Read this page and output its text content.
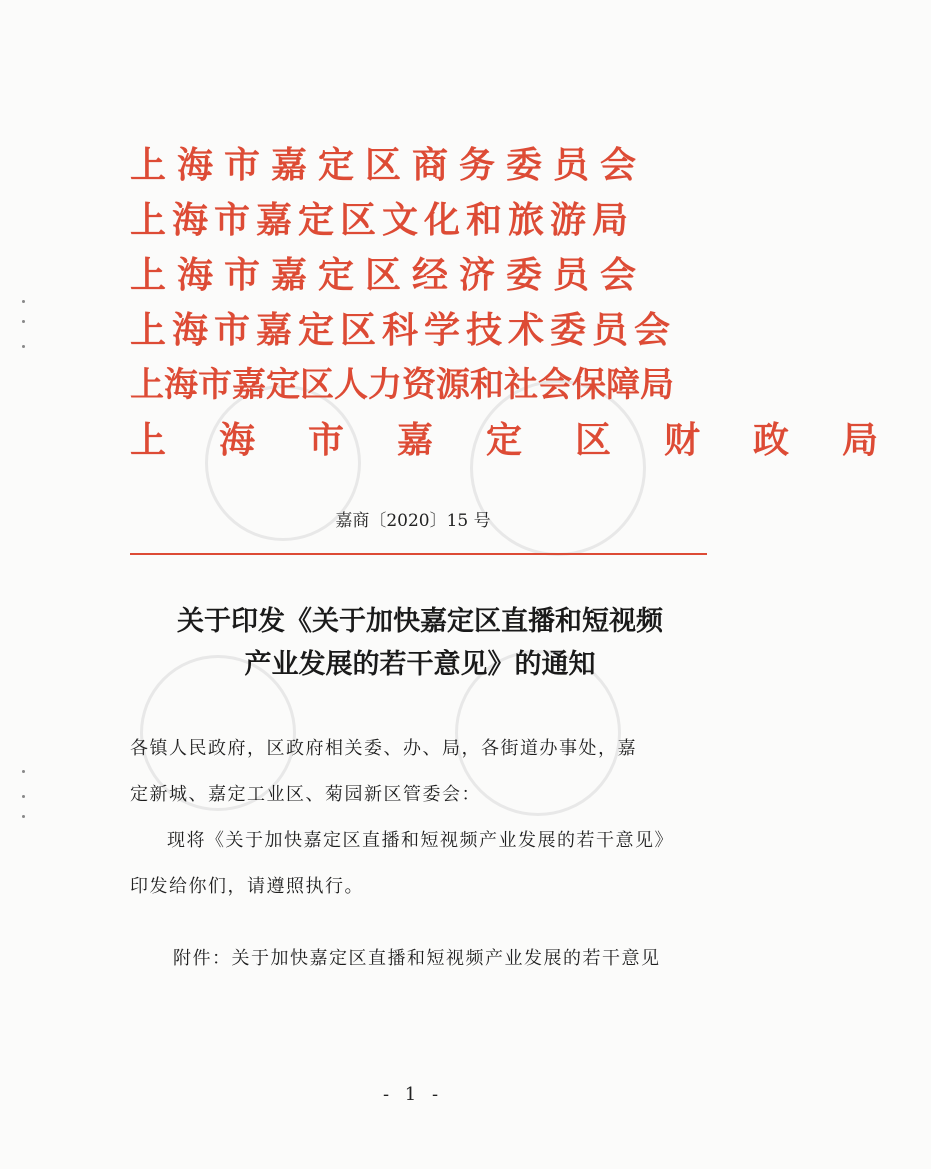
上海市嘉定区商务委员会
上海市嘉定区文化和旅游局
上海市嘉定区经济委员会
上海市嘉定区科学技术委员会
上海市嘉定区人力资源和社会保障局
上海市嘉定区财政局
嘉商〔2020〕15 号
关于印发《关于加快嘉定区直播和短视频
产业发展的若干意见》的通知
各镇人民政府，区政府相关委、办、局，各街道办事处，嘉
定新城、嘉定工业区、菊园新区管委会：
现将《关于加快嘉定区直播和短视频产业发展的若干意见》
印发给你们，请遵照执行。
附件：关于加快嘉定区直播和短视频产业发展的若干意见
- 1 -
